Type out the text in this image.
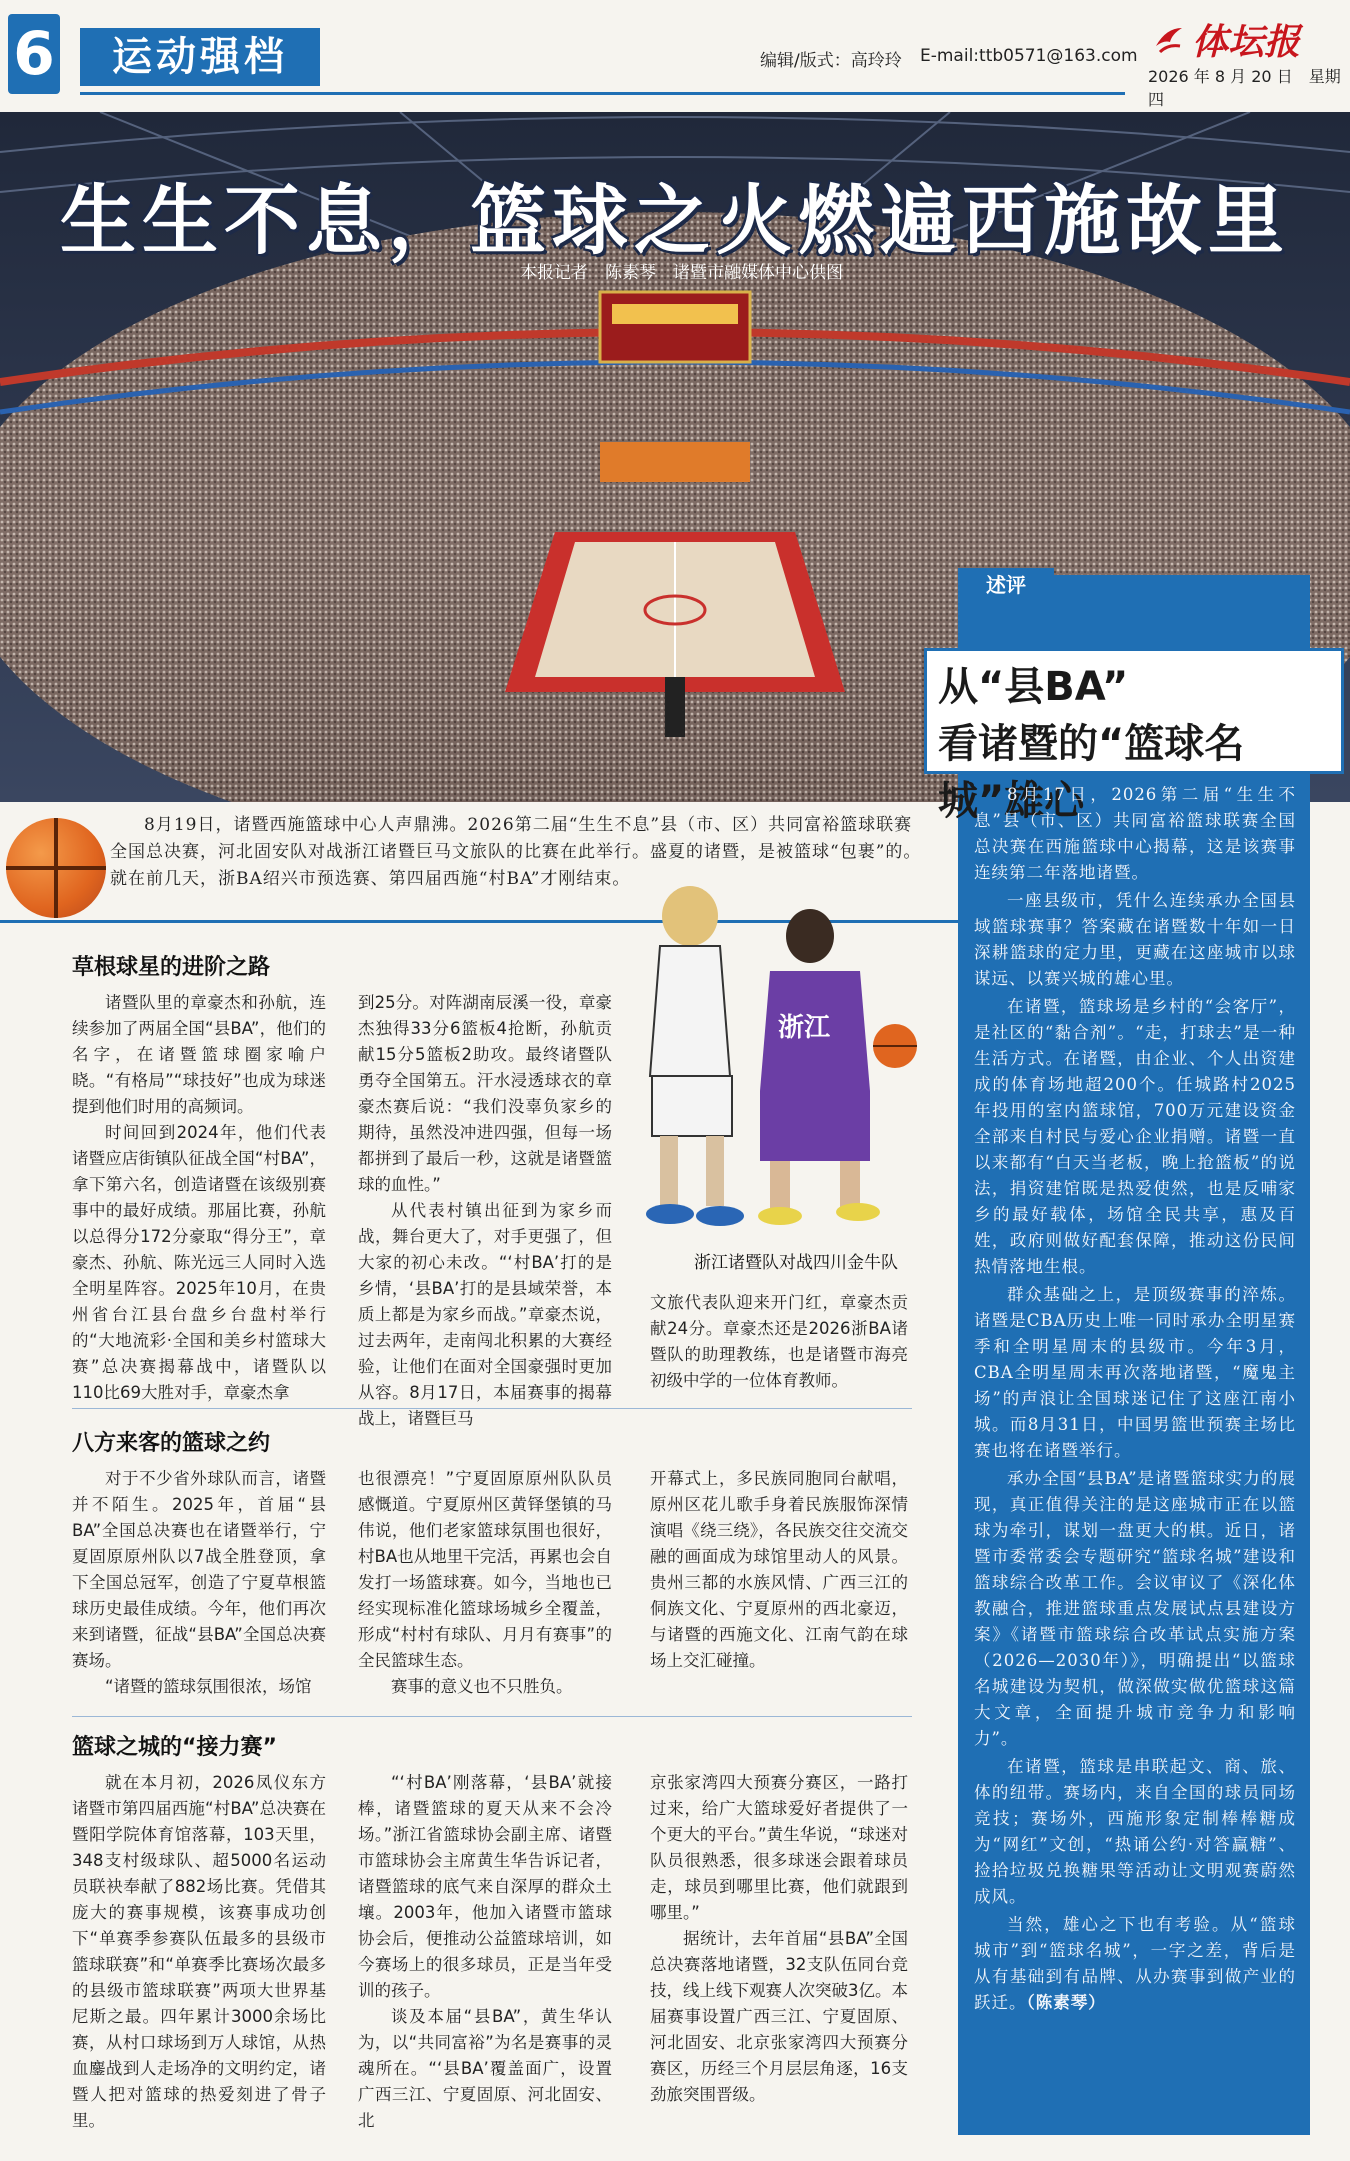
6	运动强档	编辑/版式：高玲玲 E-mail:ttb0571@163.com 体坛报
2026 年 8 月 20 日　星期四
生生不息，篮球之火燃遍西施故里
本报记者　陈素琴　诸暨市融媒体中心供图
8月19日，诸暨西施篮球中心人声鼎沸。2026第二届“生生不息”县（市、区）共同富裕篮球联赛全国总决赛，河北固安队对战浙江诸暨巨马文旅队的比赛在此举行。盛夏的诸暨，是被篮球“包裹”的。就在前几天，浙BA绍兴市预选赛、第四届西施“村BA”才刚结束。
草根球星的进阶之路

诸暨队里的章豪杰和孙航，连续参加了两届全国“县BA”，他们的名字，在诸暨篮球圈家喻户晓。“有格局”“球技好”也成为球迷提到他们时用的高频词。

时间回到2024年，他们代表诸暨应店街镇队征战全国“村BA”，拿下第六名，创造诸暨在该级别赛事中的最好成绩。那届比赛，孙航以总得分172分豪取“得分王”，章豪杰、孙航、陈光远三人同时入选全明星阵容。2025年10月，在贵州省台江县台盘乡台盘村举行的“大地流彩·全国和美乡村篮球大赛”总决赛揭幕战中，诸暨队以110比69大胜对手，章豪杰拿

到25分。对阵湖南辰溪一役，章豪杰独得33分6篮板4抢断，孙航贡献15分5篮板2助攻。最终诸暨队勇夺全国第五。汗水浸透球衣的章豪杰赛后说：“我们没辜负家乡的期待，虽然没冲进四强，但每一场都拼到了最后一秒，这就是诸暨篮球的血性。”

从代表村镇出征到为家乡而战，舞台更大了，对手更强了，但大家的初心未改。“‘村BA’打的是乡情，‘县BA’打的是县域荣誉，本质上都是为家乡而战。”章豪杰说，过去两年，走南闯北积累的大赛经验，让他们在面对全国豪强时更加从容。8月17日，本届赛事的揭幕战上，诸暨巨马

浙江
浙江诸暨队对战四川金牛队

文旅代表队迎来开门红，章豪杰贡献24分。章豪杰还是2026浙BA诸暨队的助理教练，也是诸暨市海亮初级中学的一位体育教师。

八方来客的篮球之约

对于不少省外球队而言，诸暨并不陌生。2025年，首届“县BA”全国总决赛也在诸暨举行，宁夏固原原州队以7战全胜登顶，拿下全国总冠军，创造了宁夏草根篮球历史最佳成绩。今年，他们再次来到诸暨，征战“县BA”全国总决赛赛场。

“诸暨的篮球氛围很浓，场馆

也很漂亮！”宁夏固原原州队队员感慨道。宁夏原州区黄铎堡镇的马伟说，他们老家篮球氛围也很好，村BA也从地里干完活，再累也会自发打一场篮球赛。如今，当地也已经实现标准化篮球场城乡全覆盖，形成“村村有球队、月月有赛事”的全民篮球生态。

赛事的意义也不只胜负。

开幕式上，多民族同胞同台献唱，原州区花儿歌手身着民族服饰深情演唱《绕三绕》，各民族交往交流交融的画面成为球馆里动人的风景。贵州三都的水族风情、广西三江的侗族文化、宁夏原州的西北豪迈，与诸暨的西施文化、江南气韵在球场上交汇碰撞。

篮球之城的“接力赛”

就在本月初，2026凤仪东方诸暨市第四届西施“村BA”总决赛在暨阳学院体育馆落幕，103天里，348支村级球队、超5000名运动员联袂奉献了882场比赛。凭借其庞大的赛事规模，该赛事成功创下“单赛季参赛队伍最多的县级市篮球联赛”和“单赛季比赛场次最多的县级市篮球联赛”两项大世界基尼斯之最。四年累计3000余场比赛，从村口球场到万人球馆，从热血鏖战到人走场净的文明约定，诸暨人把对篮球的热爱刻进了骨子里。

“‘村BA’刚落幕，‘县BA’就接棒，诸暨篮球的夏天从来不会冷场。”浙江省篮球协会副主席、诸暨市篮球协会主席黄生华告诉记者，诸暨篮球的底气来自深厚的群众土壤。2003年，他加入诸暨市篮球协会后，便推动公益篮球培训，如今赛场上的很多球员，正是当年受训的孩子。

谈及本届“县BA”，黄生华认为，以“共同富裕”为名是赛事的灵魂所在。“‘县BA’覆盖面广，设置广西三江、宁夏固原、河北固安、北

京张家湾四大预赛分赛区，一路打过来，给广大篮球爱好者提供了一个更大的平台。”黄生华说，“球迷对队员很熟悉，很多球迷会跟着球员走，球员到哪里比赛，他们就跟到哪里。”

据统计，去年首届“县BA”全国总决赛落地诸暨，32支队伍同台竞技，线上线下观赛人次突破3亿。本届赛事设置广西三江、宁夏固原、河北固安、北京张家湾四大预赛分赛区，历经三个月层层角逐，16支劲旅突围晋级。

述评
从“县BA”
看诸暨的“篮球名城”雄心

8月17日，2026第二届“生生不息”县（市、区）共同富裕篮球联赛全国总决赛在西施篮球中心揭幕，这是该赛事连续第二年落地诸暨。

一座县级市，凭什么连续承办全国县域篮球赛事？答案藏在诸暨数十年如一日深耕篮球的定力里，更藏在这座城市以球谋远、以赛兴城的雄心里。

在诸暨，篮球场是乡村的“会客厅”，是社区的“黏合剂”。“走，打球去”是一种生活方式。在诸暨，由企业、个人出资建成的体育场地超200个。任城路村2025年投用的室内篮球馆，700万元建设资金全部来自村民与爱心企业捐赠。诸暨一直以来都有“白天当老板，晚上抢篮板”的说法，捐资建馆既是热爱使然，也是反哺家乡的最好载体，场馆全民共享，惠及百姓，政府则做好配套保障，推动这份民间热情落地生根。

群众基础之上，是顶级赛事的淬炼。诸暨是CBA历史上唯一同时承办全明星赛季和全明星周末的县级市。今年3月，CBA全明星周末再次落地诸暨，“魔鬼主场”的声浪让全国球迷记住了这座江南小城。而8月31日，中国男篮世预赛主场比赛也将在诸暨举行。

承办全国“县BA”是诸暨篮球实力的展现，真正值得关注的是这座城市正在以篮球为牵引，谋划一盘更大的棋。近日，诸暨市委常委会专题研究“篮球名城”建设和篮球综合改革工作。会议审议了《深化体教融合，推进篮球重点发展试点县建设方案》《诸暨市篮球综合改革试点实施方案（2026—2030年）》，明确提出“以篮球名城建设为契机，做深做实做优篮球这篇大文章，全面提升城市竞争力和影响力”。

在诸暨，篮球是串联起文、商、旅、体的纽带。赛场内，来自全国的球员同场竞技；赛场外，西施形象定制棒棒糖成为“网红”文创，“热诵公约·对答赢糖”、捡拾垃圾兑换糖果等活动让文明观赛蔚然成风。

当然，雄心之下也有考验。从“篮球城市”到“篮球名城”，一字之差，背后是从有基础到有品牌、从办赛事到做产业的跃迁。（陈素琴）
